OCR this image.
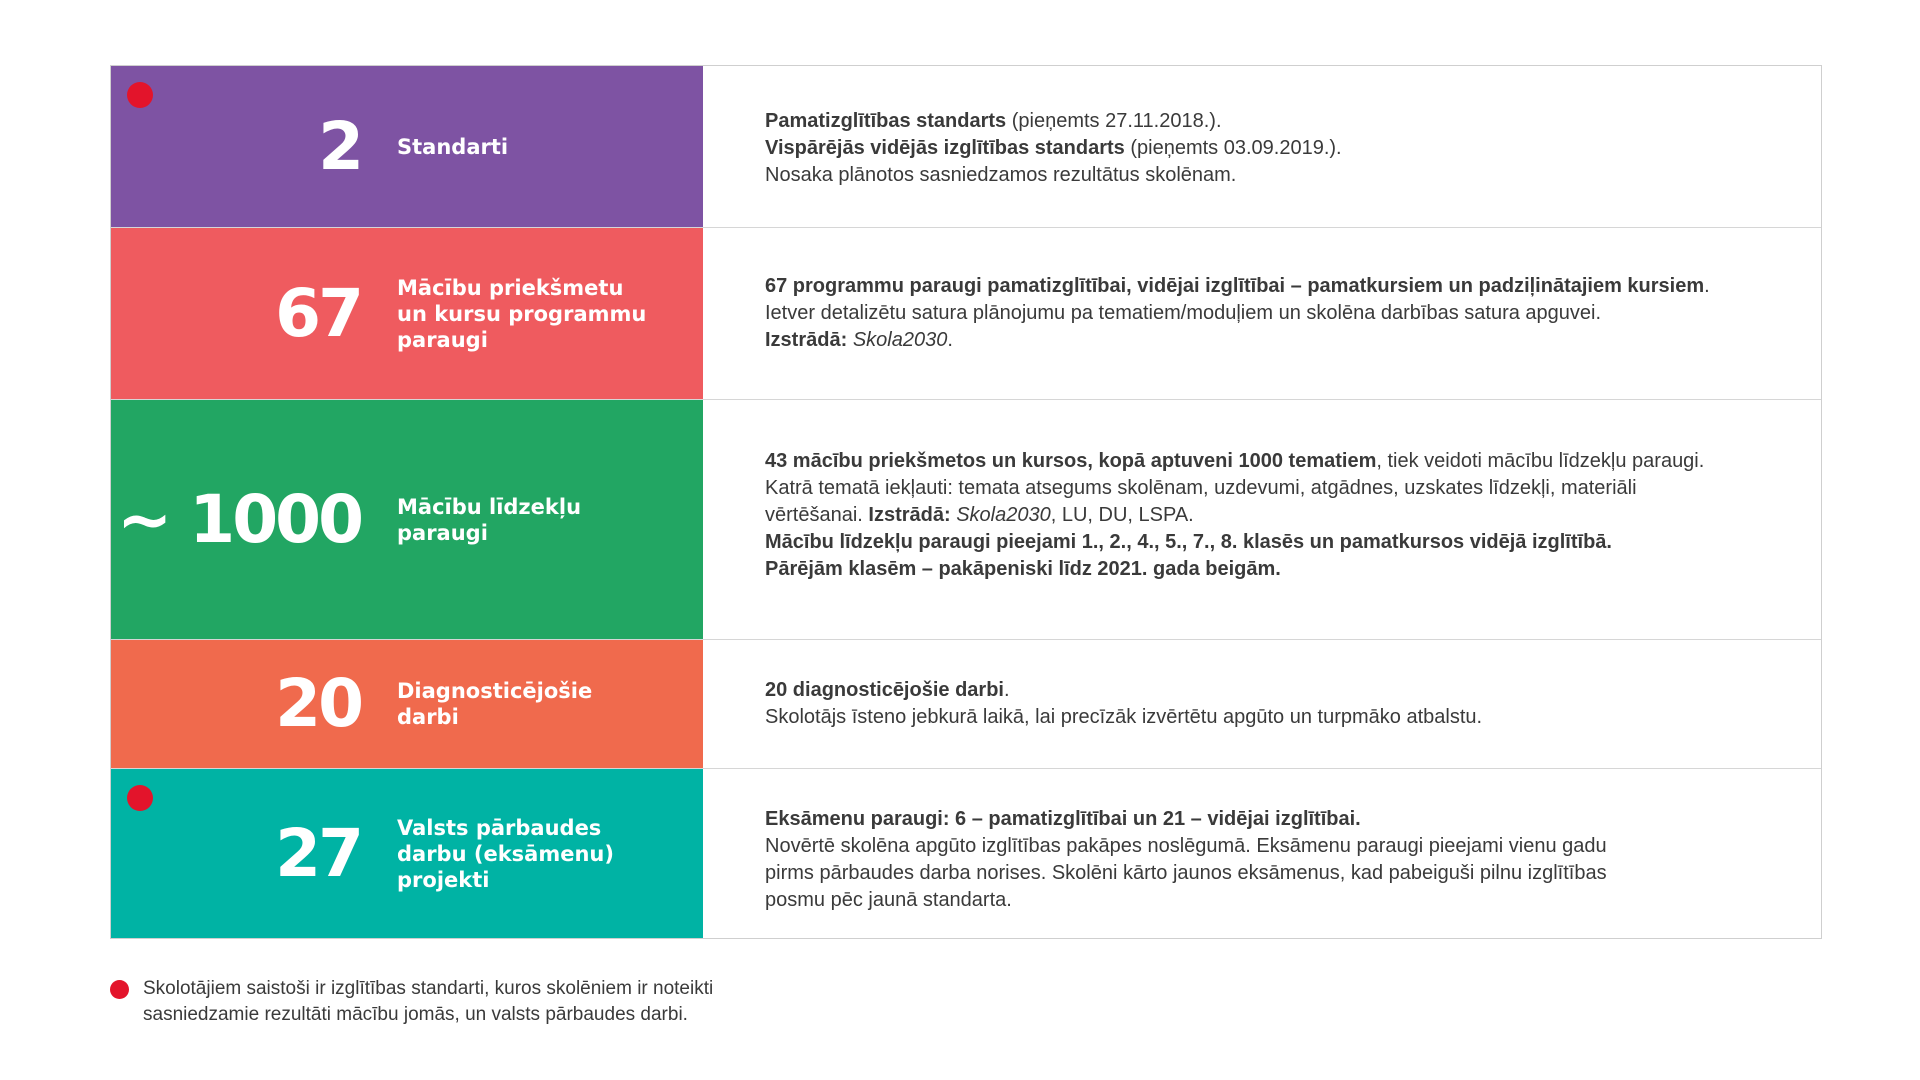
2 Standarti

Pamatizglītības standarts (pieņemts 27.11.2018.).

Vispārējās vidējās izglītības standarts (pieņemts 03.09.2019.).

Nosaka plānotos sasniedzamos rezultātus skolēnam.

67 Mācību priekšmetu un kursu programmu paraugi

67 programmu paraugi pamatizglītībai, vidējai izglītībai – pamatkursiem un padziļinātajiem kursiem.

Ietver detalizētu satura plānojumu pa tematiem/moduļiem un skolēna darbības satura apguvei.

Izstrādā: Skola2030.

~ 1000 Mācību līdzekļu paraugi

43 mācību priekšmetos un kursos, kopā aptuveni 1000 tematiem, tiek veidoti mācību līdzekļu paraugi.

Katrā tematā iekļauti: temata atsegums skolēnam, uzdevumi, atgādnes, uzskates līdzekļi, materiāli

vērtēšanai. Izstrādā: Skola2030, LU, DU, LSPA.

Mācību līdzekļu paraugi pieejami 1., 2., 4., 5., 7., 8. klasēs un pamatkursos vidējā izglītībā.

Pārējām klasēm – pakāpeniski līdz 2021. gada beigām.

20 Diagnosticējošie darbi

20 diagnosticējošie darbi.

Skolotājs īsteno jebkurā laikā, lai precīzāk izvērtētu apgūto un turpmāko atbalstu.

27 Valsts pārbaudes darbu (eksāmenu) projekti

Eksāmenu paraugi: 6 – pamatizglītībai un 21 – vidējai izglītībai.

Novērtē skolēna apgūto izglītības pakāpes noslēgumā. Eksāmenu paraugi pieejami vienu gadu

pirms pārbaudes darba norises. Skolēni kārto jaunos eksāmenus, kad pabeiguši pilnu izglītības

posmu pēc jaunā standarta.

Skolotājiem saistoši ir izglītības standarti, kuros skolēniem ir noteikti
sasniedzamie rezultāti mācību jomās, un valsts pārbaudes darbi.
